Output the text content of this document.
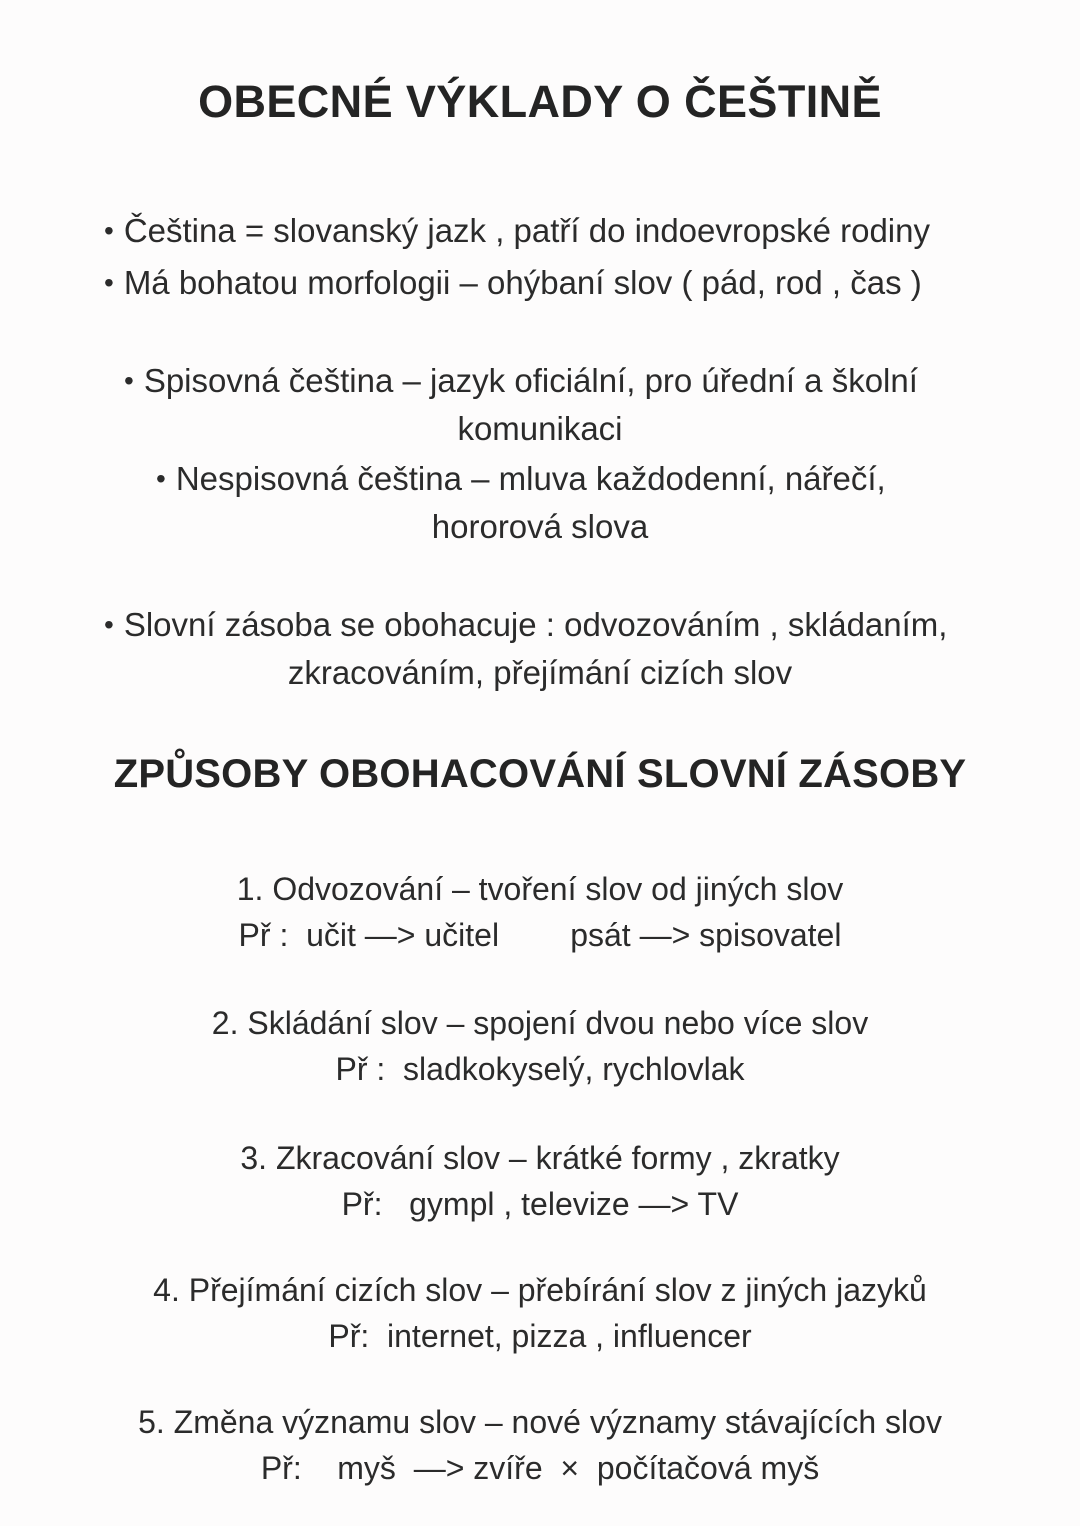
OBECNÉ VÝKLADY O ČEŠTINĚ
• Čeština = slovanský jazk , patří do indoevropské rodiny
• Má bohatou morfologii – ohýbaní slov ( pád, rod , čas )
• Spisovná čeština – jazyk oficiální, pro úřední a školní
komunikaci
• Nespisovná čeština – mluva každodenní, nářečí,
hororová slova
• Slovní zásoba se obohacuje : odvozováním , skládaním,
zkracováním, přejímání cizích slov
ZPŮSOBY OBOHACOVÁNÍ SLOVNÍ ZÁSOBY
1. Odvozování – tvoření slov od jiných slov
Př :  učit —> učitel        psát —> spisovatel
2. Skládání slov – spojení dvou nebo více slov
Př :  sladkokyselý, rychlovlak
3. Zkracování slov – krátké formy , zkratky
Př:   gympl , televize —> TV
4. Přejímání cizích slov – přebírání slov z jiných jazyků
Př:  internet, pizza , influencer
5. Změna významu slov – nové významy stávajících slov
Př:    myš  —> zvíře  ×  počítačová myš
